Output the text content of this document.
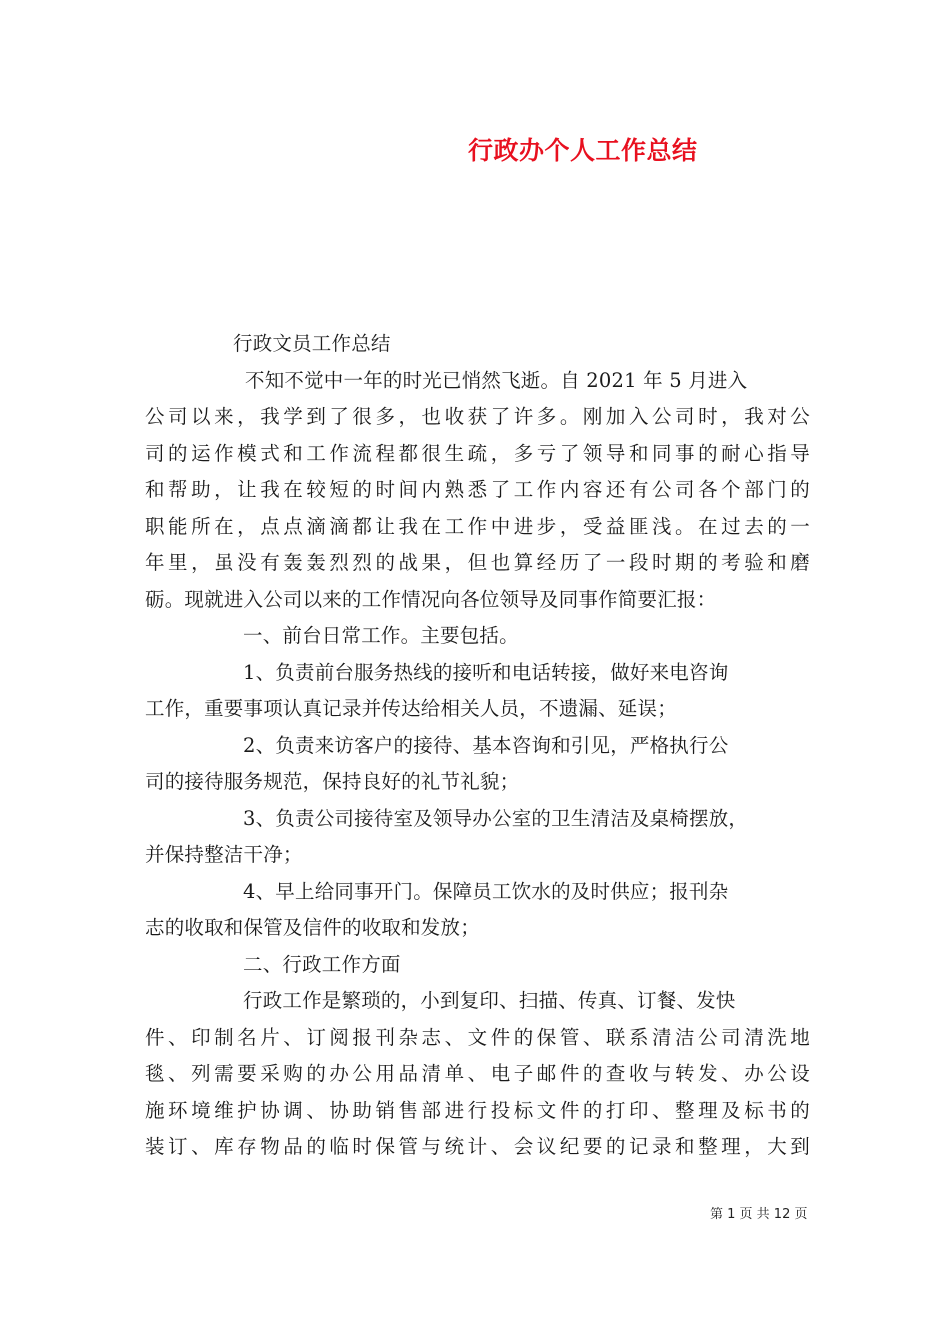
行政办个人工作总结
行政文员工作总结
不知不觉中一年的时光已悄然飞逝。自 2021 年 5 月进入
公司以来，我学到了很多，也收获了许多。刚加入公司时，我对公
司的运作模式和工作流程都很生疏，多亏了领导和同事的耐心指导
和帮助，让我在较短的时间内熟悉了工作内容还有公司各个部门的
职能所在，点点滴滴都让我在工作中进步，受益匪浅。在过去的一
年里，虽没有轰轰烈烈的战果，但也算经历了一段时期的考验和磨
砺。现就进入公司以来的工作情况向各位领导及同事作简要汇报：
一、前台日常工作。主要包括。
1、负责前台服务热线的接听和电话转接，做好来电咨询
工作，重要事项认真记录并传达给相关人员，不遗漏、延误；
2、负责来访客户的接待、基本咨询和引见，严格执行公
司的接待服务规范，保持良好的礼节礼貌；
3、负责公司接待室及领导办公室的卫生清洁及桌椅摆放，
并保持整洁干净；
4、早上给同事开门。保障员工饮水的及时供应；报刊杂
志的收取和保管及信件的收取和发放；
二、行政工作方面
行政工作是繁琐的，小到复印、扫描、传真、订餐、发快
件、印制名片、订阅报刊杂志、文件的保管、联系清洁公司清洗地
毯、列需要采购的办公用品清单、电子邮件的查收与转发、办公设
施环境维护协调、协助销售部进行投标文件的打印、整理及标书的
装订、库存物品的临时保管与统计、会议纪要的记录和整理，大到
第 1 页 共 12 页
